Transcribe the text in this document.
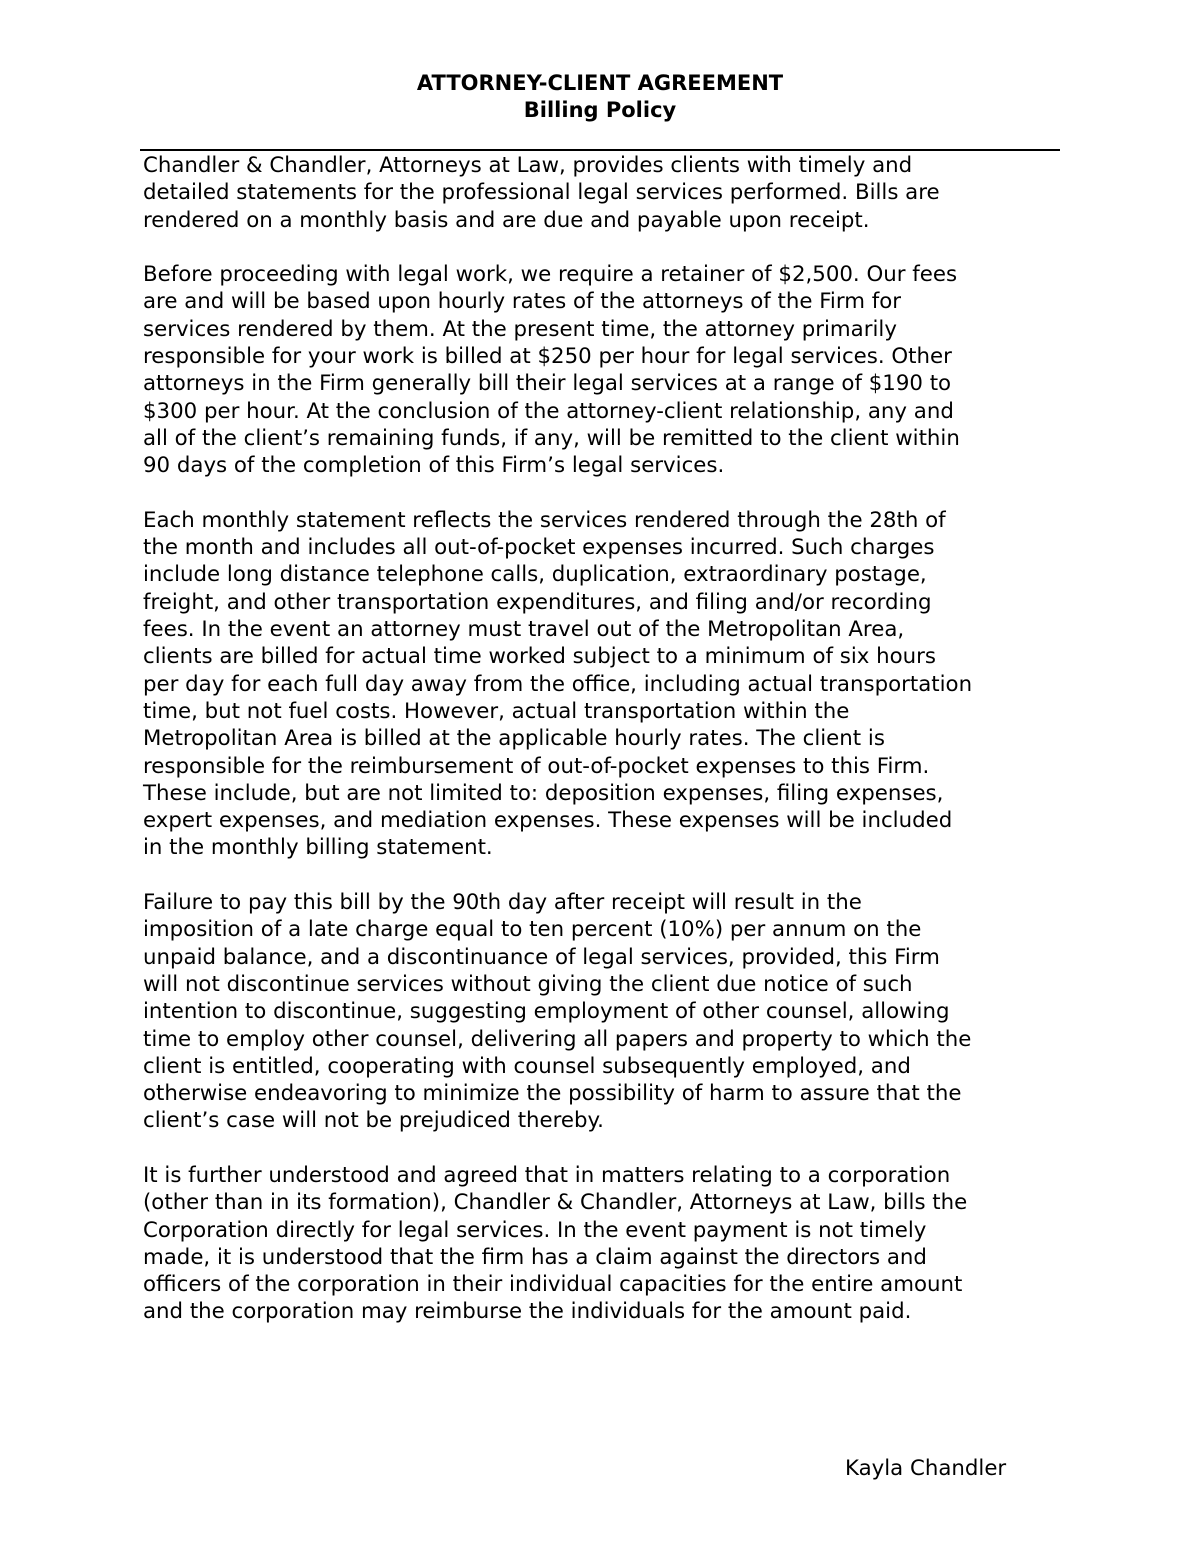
ATTORNEY-CLIENT AGREEMENT
Billing Policy

Chandler & Chandler, Attorneys at Law, provides clients with timely and
detailed statements for the professional legal services performed. Bills are
rendered on a monthly basis and are due and payable upon receipt.

Before proceeding with legal work, we require a retainer of $2,500. Our fees
are and will be based upon hourly rates of the attorneys of the Firm for
services rendered by them. At the present time, the attorney primarily
responsible for your work is billed at $250 per hour for legal services. Other
attorneys in the Firm generally bill their legal services at a range of $190 to
$300 per hour. At the conclusion of the attorney-client relationship, any and
all of the client’s remaining funds, if any, will be remitted to the client within
90 days of the completion of this Firm’s legal services.

Each monthly statement reflects the services rendered through the 28th of
the month and includes all out-of-pocket expenses incurred. Such charges
include long distance telephone calls, duplication, extraordinary postage,
freight, and other transportation expenditures, and filing and/or recording
fees. In the event an attorney must travel out of the Metropolitan Area,
clients are billed for actual time worked subject to a minimum of six hours
per day for each full day away from the office, including actual transportation
time, but not fuel costs. However, actual transportation within the
Metropolitan Area is billed at the applicable hourly rates. The client is
responsible for the reimbursement of out-of-pocket expenses to this Firm.
These include, but are not limited to: deposition expenses, filing expenses,
expert expenses, and mediation expenses. These expenses will be included
in the monthly billing statement.

Failure to pay this bill by the 90th day after receipt will result in the
imposition of a late charge equal to ten percent (10%) per annum on the
unpaid balance, and a discontinuance of legal services, provided, this Firm
will not discontinue services without giving the client due notice of such
intention to discontinue, suggesting employment of other counsel, allowing
time to employ other counsel, delivering all papers and property to which the
client is entitled, cooperating with counsel subsequently employed, and
otherwise endeavoring to minimize the possibility of harm to assure that the
client’s case will not be prejudiced thereby.

It is further understood and agreed that in matters relating to a corporation
(other than in its formation), Chandler & Chandler, Attorneys at Law, bills the
Corporation directly for legal services. In the event payment is not timely
made, it is understood that the firm has a claim against the directors and
officers of the corporation in their individual capacities for the entire amount
and the corporation may reimburse the individuals for the amount paid.

Kayla Chandler
